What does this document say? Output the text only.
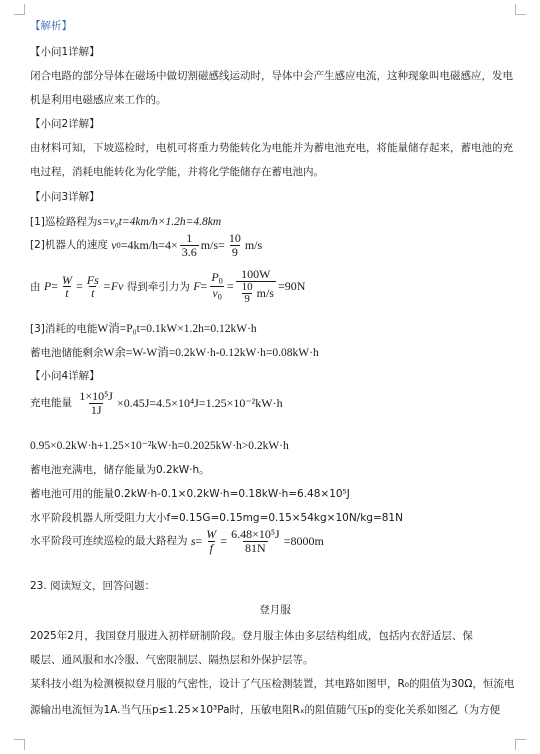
【解析】
【小问1详解】
闭合电路的部分导体在磁场中做切割磁感线运动时，导体中会产生感应电流，这种现象叫电磁感应，发电
机是利用电磁感应来工作的。
【小问2详解】
由材料可知，下坡巡检时，电机可将重力势能转化为电能并为蓄电池充电，将能量储存起来，蓄电池的充
电过程，消耗电能转化为化学能，并将化学能储存在蓄电池内。
【小问3详解】
[1]巡检路程为s=v₀t=4km/h×1.2h=4.8km
[2]机器人的速度 v $0 =4km/h=4\times \frac{1}{3.6} m/s= \frac{10}{9} m/s$
由 $P = \frac{W}{t} = \frac{Fs}{t} =Fv$ 得到牵引力为 $F = \frac{P_0}{v_0} = \frac{100W}{\frac{10}{9} m/s} =90N$
[3]消耗的电能W消=P₀t=0.1kW×1.2h=0.12kW·h
蓄电池储能剩余W余=W-W消=0.2kW·h-0.12kW·h=0.08kW·h
【小问4详解】
充电能量 $\frac{\text{1×10⁵J}}{1J} \times 0.45J=4.5\times 10^4J=1.25\times 10^{-2}kW\cdot h$
0.95×0.2kW·h+1.25×10⁻²kW·h=0.2025kW·h>0.2kW·h
蓄电池充满电，储存能量为0.2kW·h。
蓄电池可用的能量0.2kW·h-0.1×0.2kW·h=0.18kW·h=6.48×10⁵J
水平阶段机器人所受阻力大小f=0.15G=0.15mg=0.15×54kg×10N/kg=81N
水平阶段可连续巡检的最大路程为 $s = \frac{W}{f} = \frac{\text{6.48×10⁵J}}{81N} =8000m$
23. 阅读短文，回答问题：
登月服
2025年2月，我国登月服进入初样研制阶段。登月服主体由多层结构组成，包括内衣舒适层、保
暖层、通风服和水冷服、气密限制层、隔热层和外保护层等。
某科技小组为检测模拟登月服的气密性，设计了气压检测装置，其电路如图甲，R₀的阻值为30Ω，恒流电
源输出电流恒为1A.当气压p≤1.25×10³Pa时，压敏电阻Rₓ的阻值随气压p的变化关系如图乙（为方便
